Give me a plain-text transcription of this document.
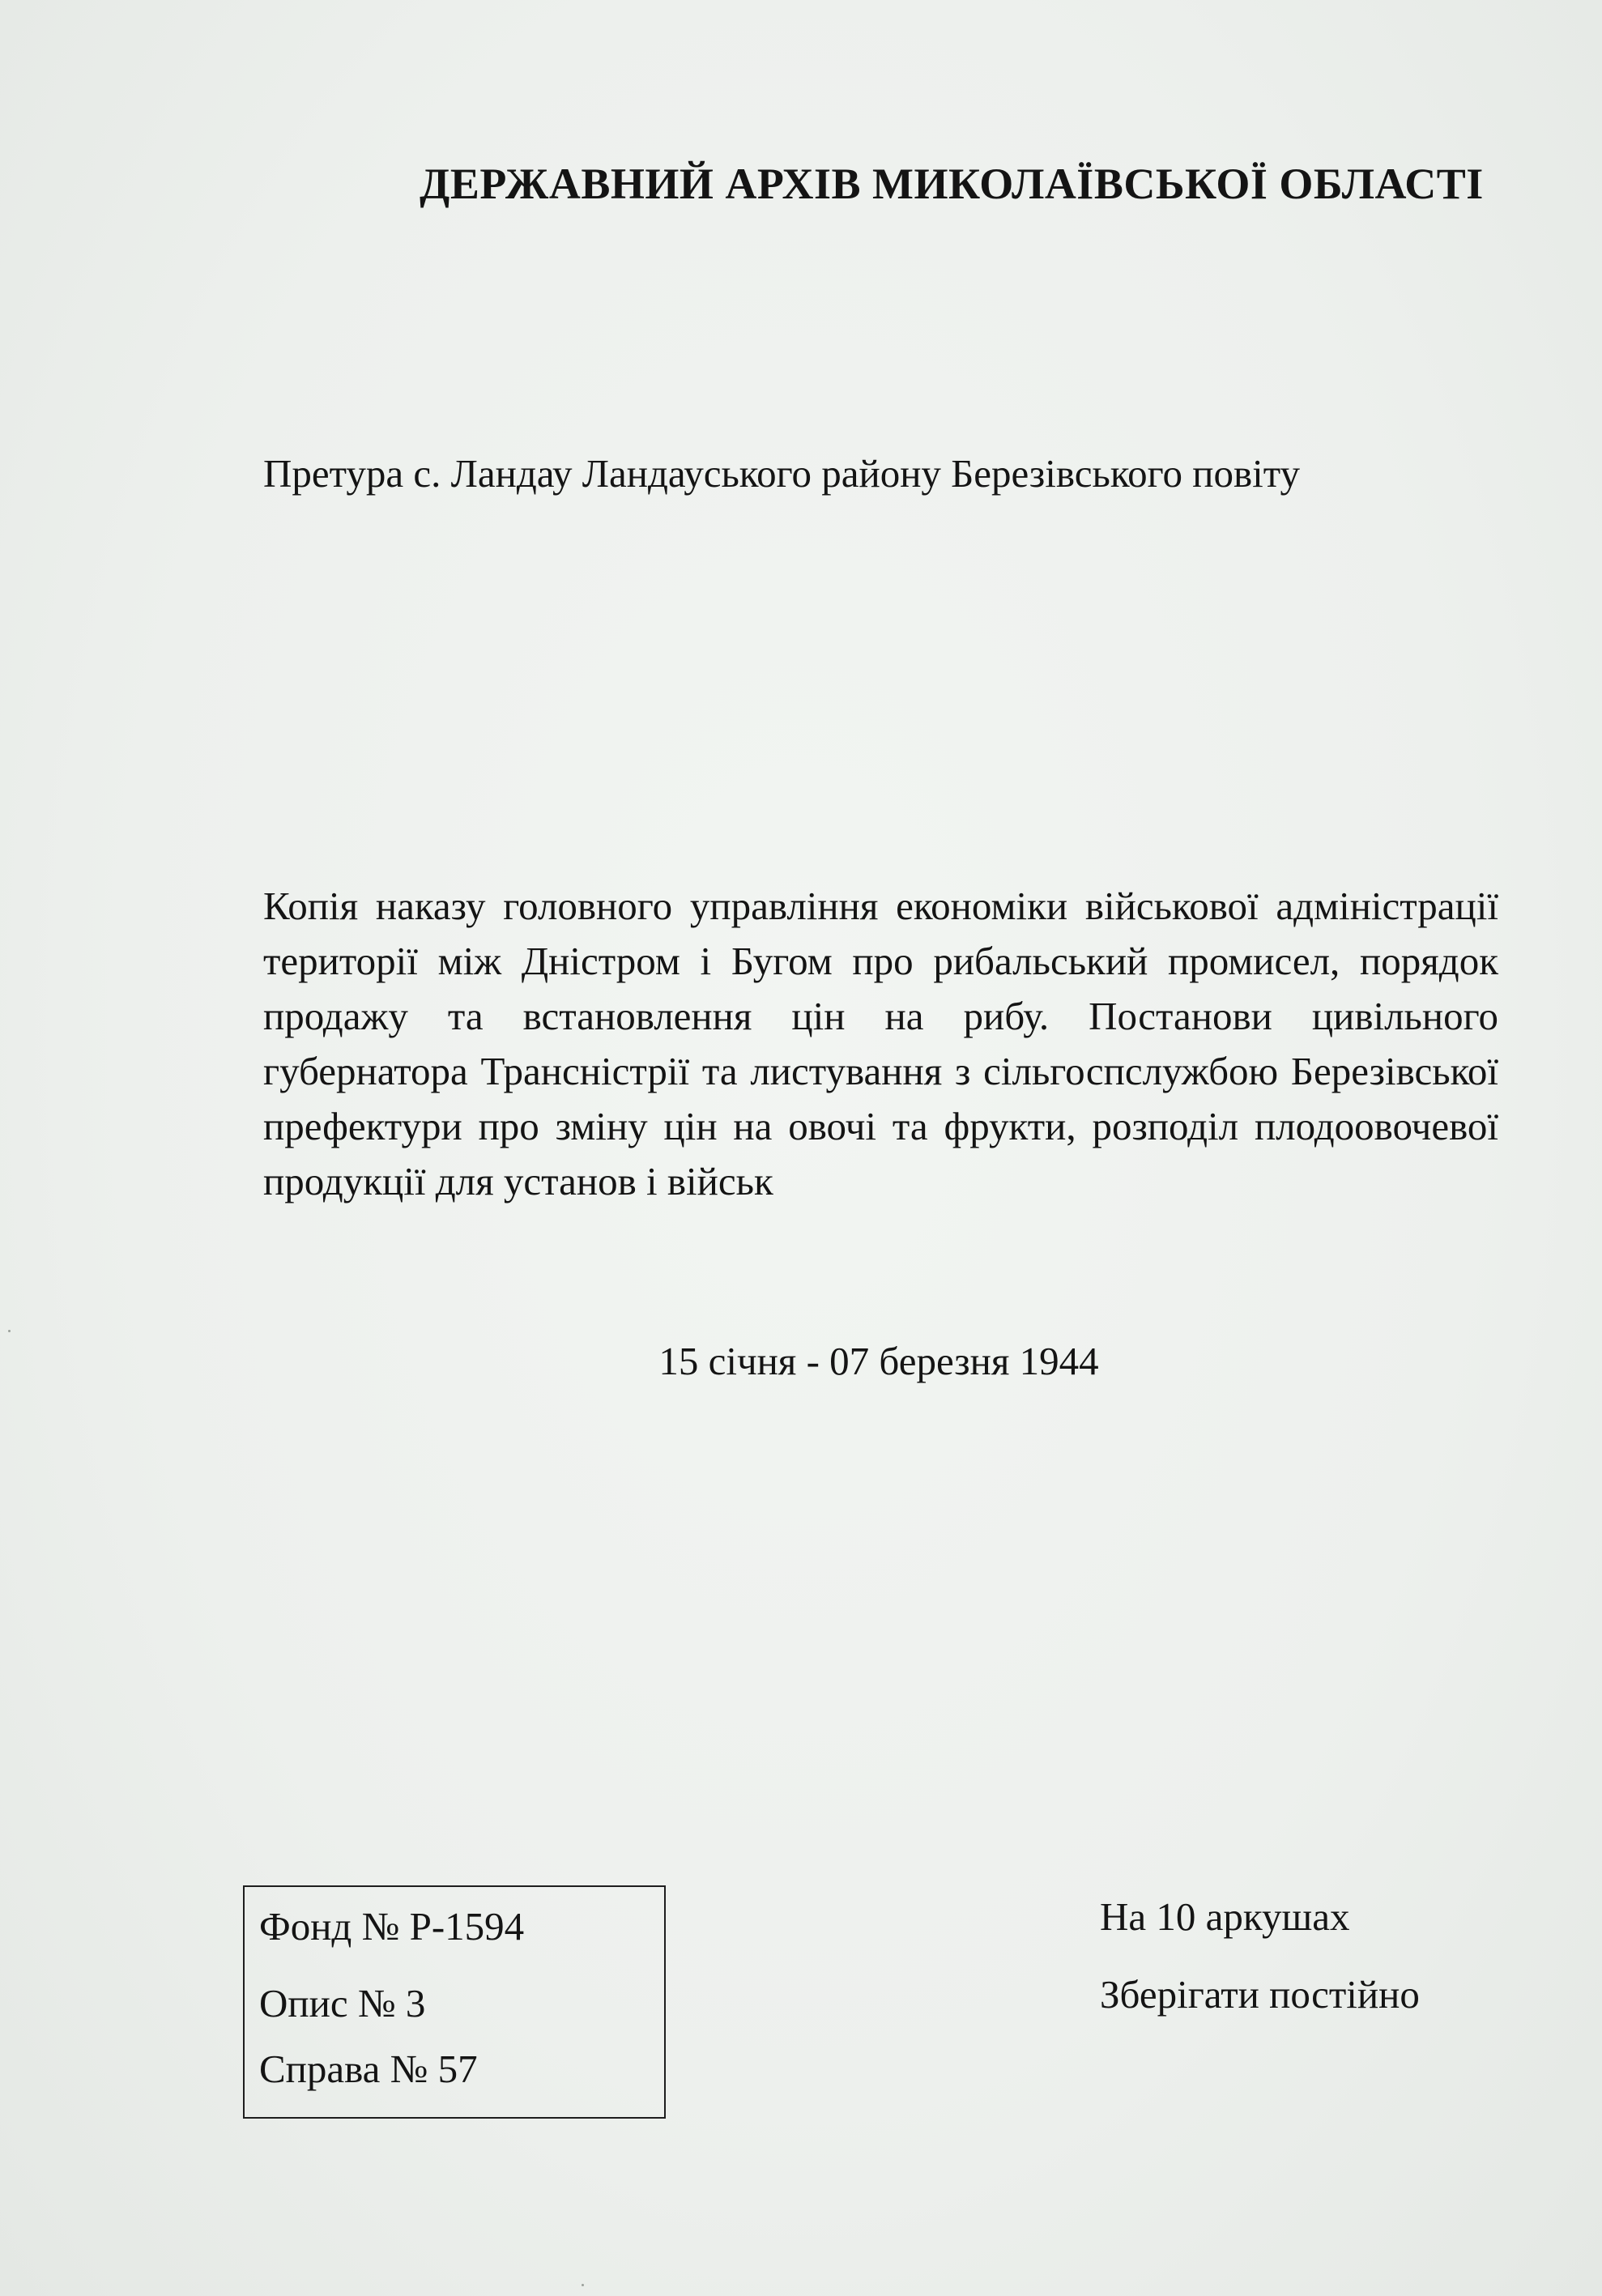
ДЕРЖАВНИЙ АРХІВ МИКОЛАЇВСЬКОЇ ОБЛАСТІ
Претура с. Ландау Ландауського району Березівського повіту

Копія наказу головного управління економіки військової адміністрації території між Дністром і Бугом про рибальський промисел, порядок продажу та встановлення цін на рибу. Постанови цивільного губернатора Трансністрії та листування з сільгоспслужбою Березівської префектури про зміну цін на овочі та фрукти, розподіл плодоовочевої продукції для установ і військ

15 січня - 07 березня 1944
Фонд № Р-1594
Опис № 3
Справа № 57
На 10 аркушах
Зберігати постійно
